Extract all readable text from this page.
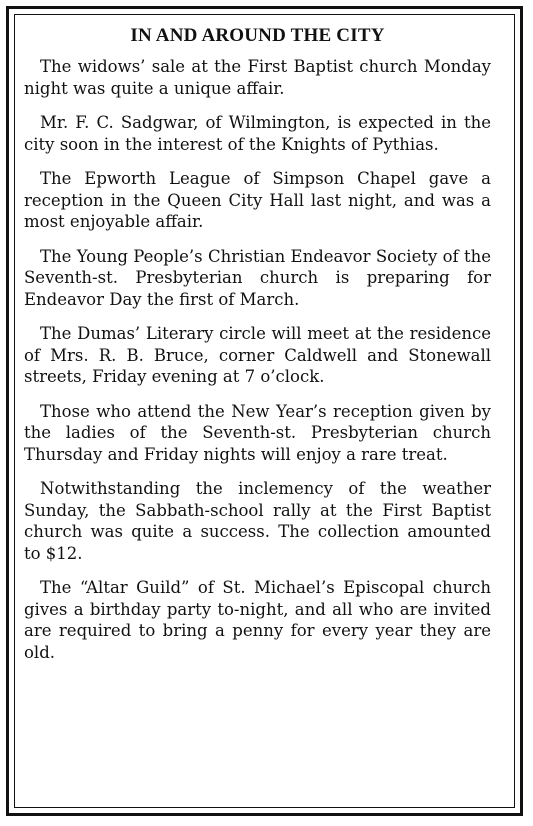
IN AND AROUND THE CITY

The widows’ sale at the First Baptist church Monday night was quite a unique affair.

Mr. F. C. Sadgwar, of Wilmington, is expected in the city soon in the interest of the Knights of Pythias.

The Epworth League of Simpson Chapel gave a reception in the Queen City Hall last night, and was a most enjoyable affair.

The Young People’s Christian Endeavor Society of the Seventh-st. Presbyterian church is preparing for Endeavor Day the first of March.

The Dumas’ Literary circle will meet at the residence of Mrs. R. B. Bruce, corner Caldwell and Stonewall streets, Friday evening at 7 o’clock.

Those who attend the New Year’s reception given by the ladies of the Seventh-st. Presbyterian church Thursday and Friday nights will enjoy a rare treat.

Notwithstanding the inclemency of the weather Sunday, the Sabbath-school rally at the First Baptist church was quite a success. The collection amounted to $12.

The “Altar Guild” of St. Michael’s Episcopal church gives a birthday party to-night, and all who are invited are required to bring a penny for every year they are old.
